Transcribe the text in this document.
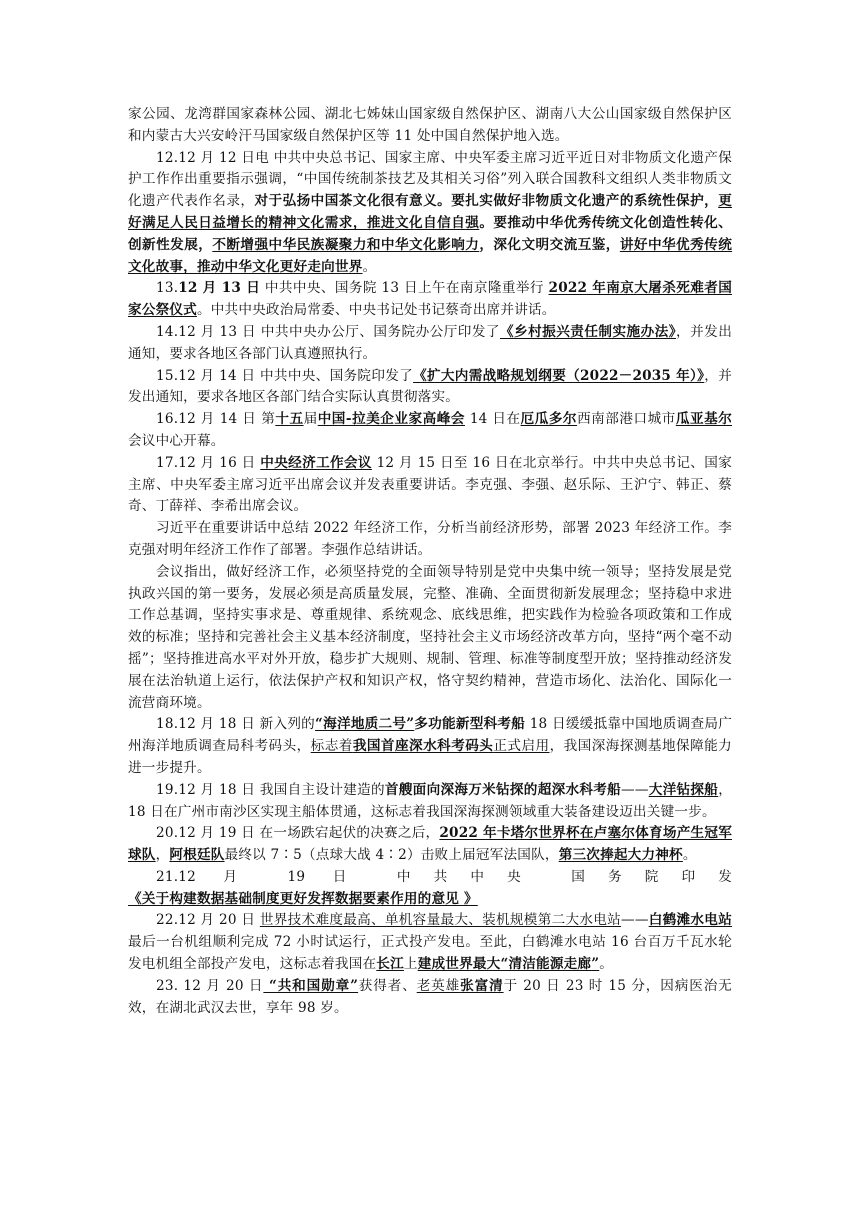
家公园、龙湾群国家森林公园、湖北七姊妹山国家级自然保护区、湖南八大公山国家级自然保护区和内蒙古大兴安岭汗马国家级自然保护区等 11 处中国自然保护地入选。

12.12 月 12 日电 中共中央总书记、国家主席、中央军委主席习近平近日对非物质文化遗产保护工作作出重要指示强调，“中国传统制茶技艺及其相关习俗”列入联合国教科文组织人类非物质文化遗产代表作名录，对于弘扬中国茶文化很有意义。要扎实做好非物质文化遗产的系统性保护，更好满足人民日益增长的精神文化需求，推进文化自信自强。要推动中华优秀传统文化创造性转化、创新性发展，不断增强中华民族凝聚力和中华文化影响力，深化文明交流互鉴，讲好中华优秀传统文化故事，推动中华文化更好走向世界。

13.12 月 13 日 中共中央、国务院 13 日上午在南京隆重举行 2022 年南京大屠杀死难者国家公祭仪式。中共中央政治局常委、中央书记处书记蔡奇出席并讲话。

14.12 月 13 日 中共中央办公厅、国务院办公厅印发了《乡村振兴责任制实施办法》，并发出通知，要求各地区各部门认真遵照执行。

15.12 月 14 日 中共中央、国务院印发了《扩大内需战略规划纲要（2022－2035 年）》，并发出通知，要求各地区各部门结合实际认真贯彻落实。

16.12 月 14 日 第十五届中国-拉美企业家高峰会 14 日在厄瓜多尔西南部港口城市瓜亚基尔会议中心开幕。

17.12 月 16 日 中央经济工作会议 12 月 15 日至 16 日在北京举行。中共中央总书记、国家主席、中央军委主席习近平出席会议并发表重要讲话。李克强、李强、赵乐际、王沪宁、韩正、蔡奇、丁薛祥、李希出席会议。

习近平在重要讲话中总结 2022 年经济工作，分析当前经济形势，部署 2023 年经济工作。李克强对明年经济工作作了部署。李强作总结讲话。

会议指出，做好经济工作，必须坚持党的全面领导特别是党中央集中统一领导；坚持发展是党执政兴国的第一要务，发展必须是高质量发展，完整、准确、全面贯彻新发展理念；坚持稳中求进工作总基调，坚持实事求是、尊重规律、系统观念、底线思维，把实践作为检验各项政策和工作成效的标准；坚持和完善社会主义基本经济制度，坚持社会主义市场经济改革方向，坚持“两个毫不动摇”；坚持推进高水平对外开放，稳步扩大规则、规制、管理、标准等制度型开放；坚持推动经济发展在法治轨道上运行，依法保护产权和知识产权，恪守契约精神，营造市场化、法治化、国际化一流营商环境。

18.12 月 18 日 新入列的“海洋地质二号”多功能新型科考船 18 日缓缓抵靠中国地质调查局广州海洋地质调查局科考码头，标志着我国首座深水科考码头正式启用，我国深海探测基地保障能力进一步提升。

19.12 月 18 日 我国自主设计建造的首艘面向深海万米钻探的超深水科考船——大洋钻探船，18 日在广州市南沙区实现主船体贯通，这标志着我国深海探测领域重大装备建设迈出关键一步。

20.12 月 19 日 在一场跌宕起伏的决赛之后，2022 年卡塔尔世界杯在卢塞尔体育场产生冠军球队，阿根廷队最终以 7∶5（点球大战 4∶2）击败上届冠军法国队，第三次捧起大力神杯。

21.12 月 19 日 中共中央 国务院印发《关于构建数据基础制度更好发挥数据要素作用的意见 》

22.12 月 20 日 世界技术难度最高、单机容量最大、装机规模第二大水电站——白鹤滩水电站最后一台机组顺利完成 72 小时试运行，正式投产发电。至此，白鹤滩水电站 16 台百万千瓦水轮发电机组全部投产发电，这标志着我国在长江上建成世界最大“清洁能源走廊”。

23. 12 月 20 日 “共和国勋章”获得者、老英雄张富清于 20 日 23 时 15 分，因病医治无效，在湖北武汉去世，享年 98 岁。
